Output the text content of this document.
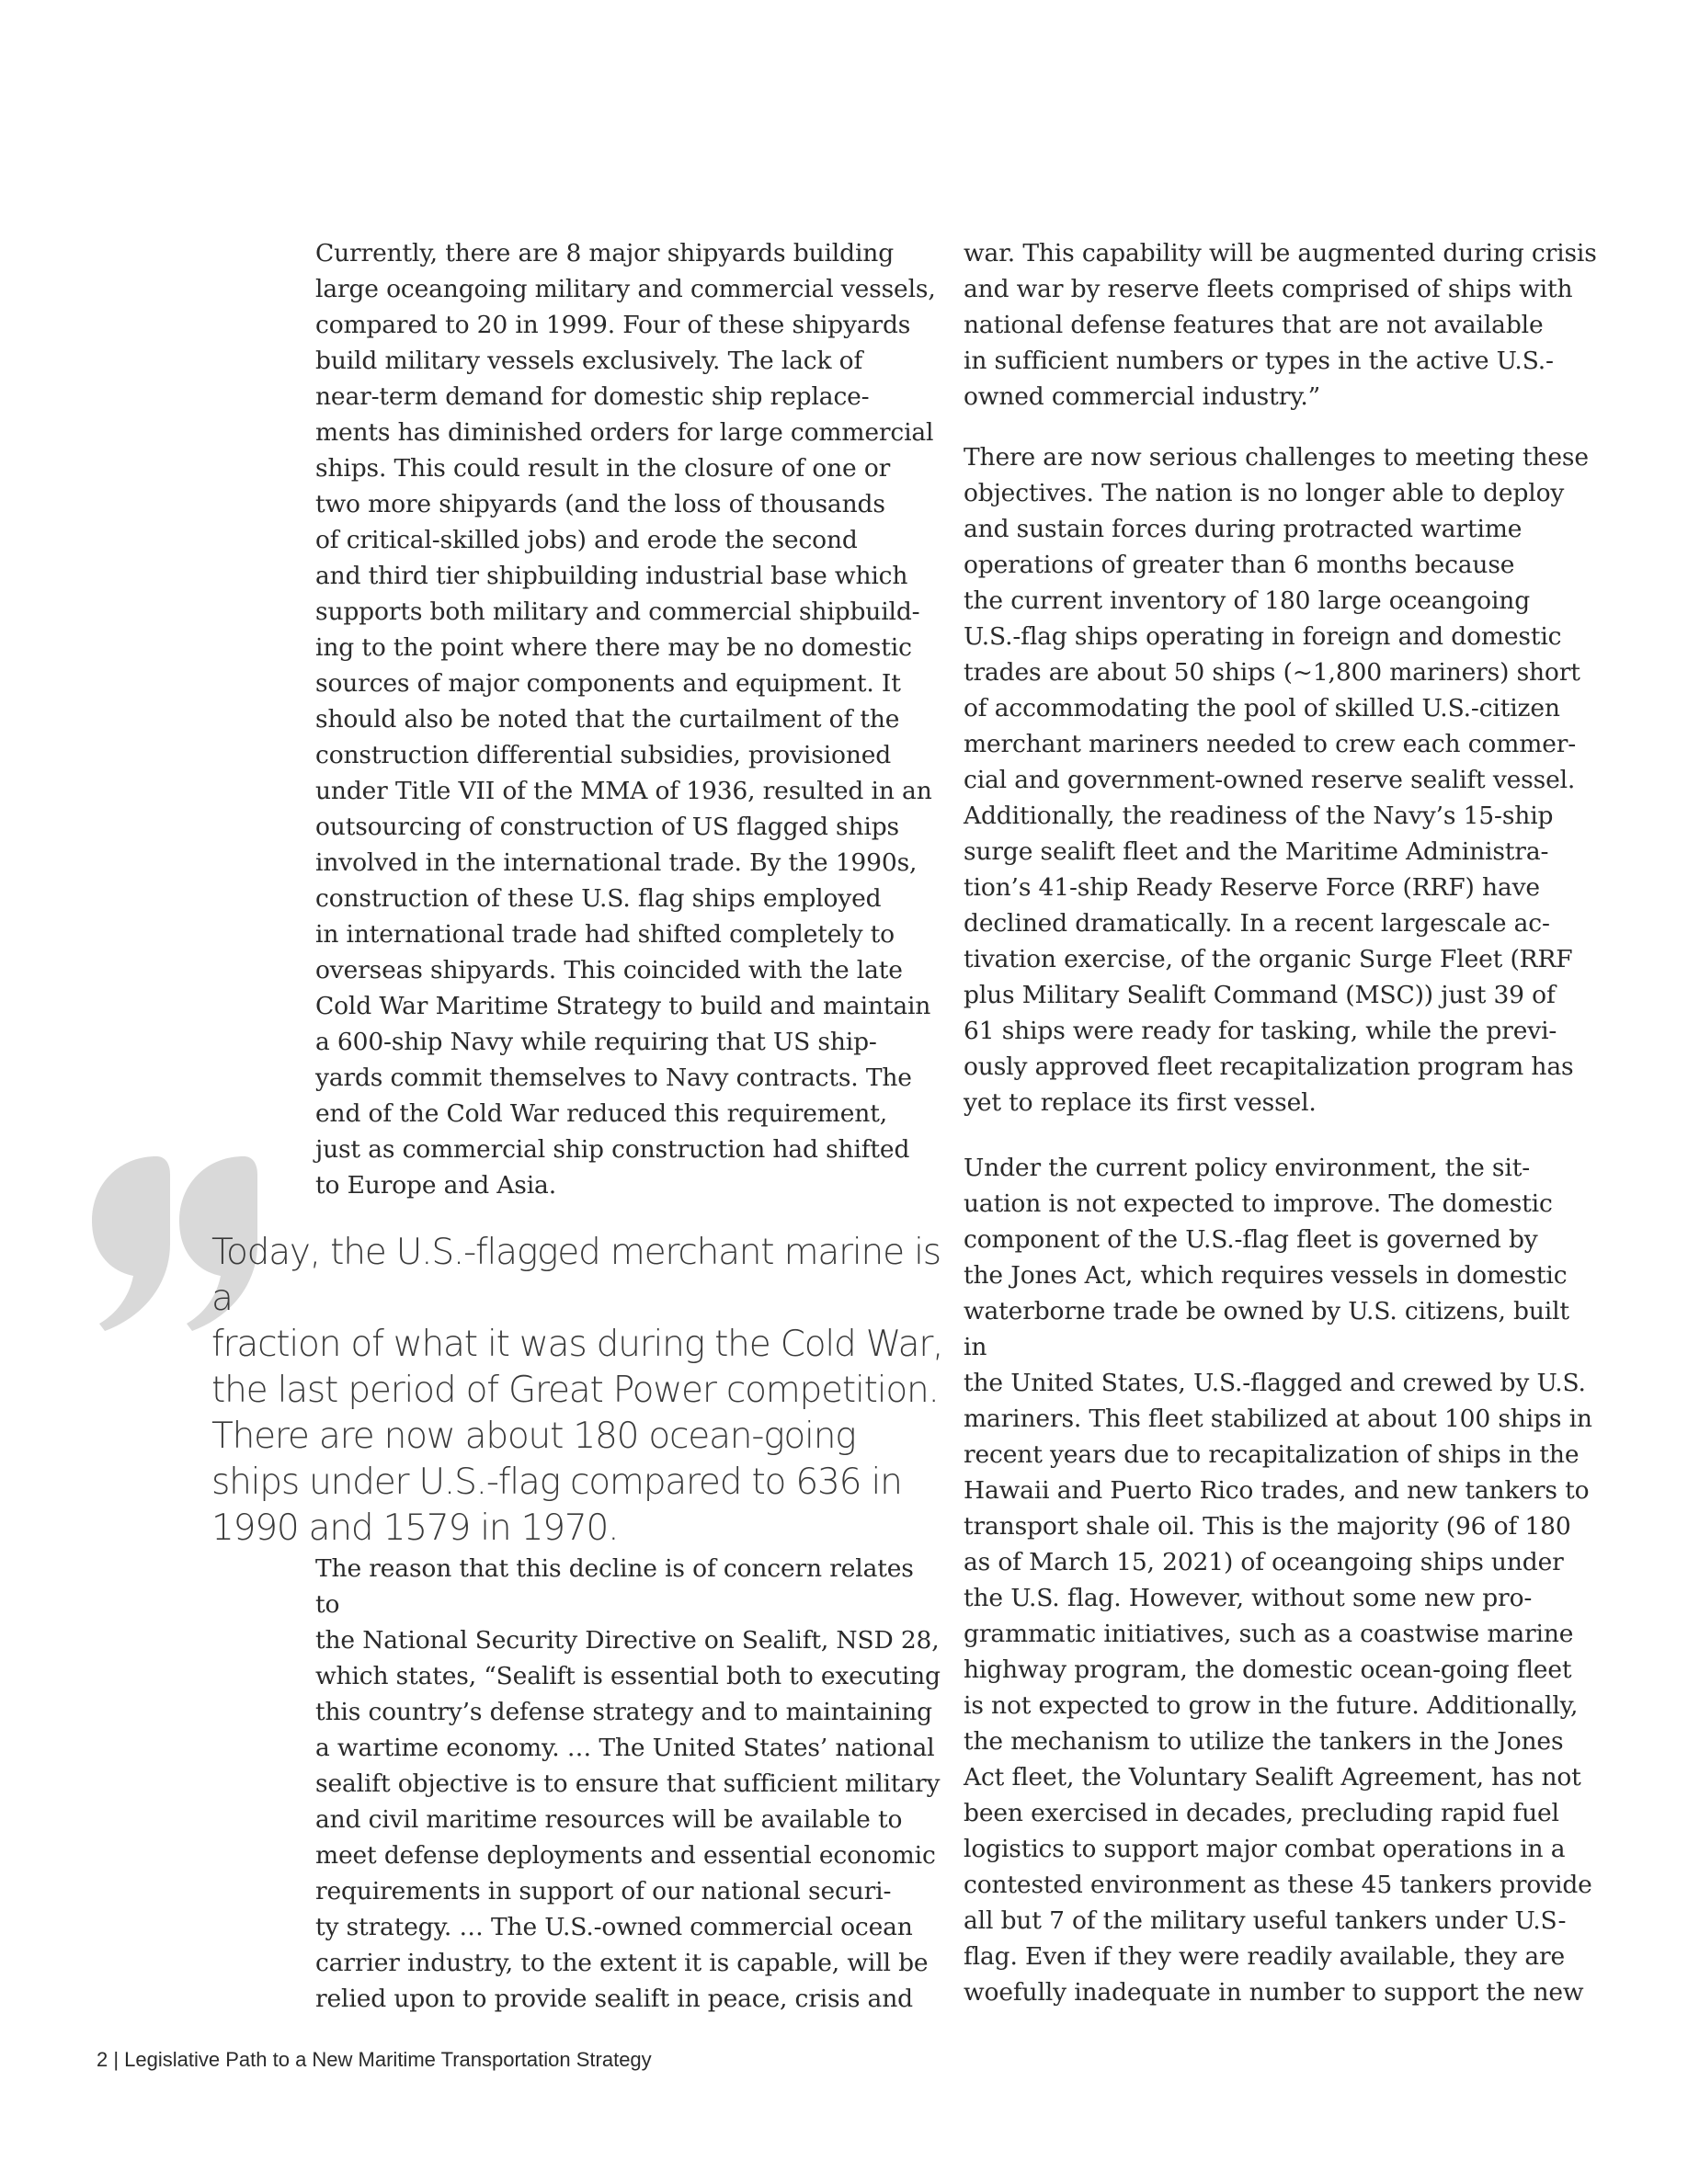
Currently, there are 8 major shipyards building
large oceangoing military and commercial vessels,
compared to 20 in 1999. Four of these shipyards
build military vessels exclusively. The lack of
near-term demand for domestic ship replace-
ments has diminished orders for large commercial
ships. This could result in the closure of one or
two more shipyards (and the loss of thousands
of critical-skilled jobs) and erode the second
and third tier shipbuilding industrial base which
supports both military and commercial shipbuild-
ing to the point where there may be no domestic
sources of major components and equipment. It
should also be noted that the curtailment of the
construction differential subsidies, provisioned
under Title VII of the MMA of 1936, resulted in an
outsourcing of construction of US flagged ships
involved in the international trade. By the 1990s,
construction of these U.S. flag ships employed
in international trade had shifted completely to
overseas shipyards. This coincided with the late
Cold War Maritime Strategy to build and maintain
a 600-ship Navy while requiring that US ship-
yards commit themselves to Navy contracts. The
end of the Cold War reduced this requirement,
just as commercial ship construction had shifted
to Europe and Asia.

Today, the U.S.-flagged merchant marine is a
fraction of what it was during the Cold War,
the last period of Great Power competition.
There are now about 180 ocean-going
ships under U.S.-flag compared to 636 in
1990 and 1579 in 1970.

The reason that this decline is of concern relates to
the National Security Directive on Sealift, NSD 28,
which states, “Sealift is essential both to executing
this country’s defense strategy and to maintaining
a wartime economy. … The United States’ national
sealift objective is to ensure that sufficient military
and civil maritime resources will be available to
meet defense deployments and essential economic
requirements in support of our national securi-
ty strategy. … The U.S.-owned commercial ocean
carrier industry, to the extent it is capable, will be
relied upon to provide sealift in peace, crisis and

war. This capability will be augmented during crisis
and war by reserve fleets comprised of ships with
national defense features that are not available
in sufficient numbers or types in the active U.S.-
owned commercial industry.”

There are now serious challenges to meeting these
objectives. The nation is no longer able to deploy
and sustain forces during protracted wartime
operations of greater than 6 months because
the current inventory of 180 large oceangoing
U.S.-flag ships operating in foreign and domestic
trades are about 50 ships (~1,800 mariners) short
of accommodating the pool of skilled U.S.-citizen
merchant mariners needed to crew each commer-
cial and government-owned reserve sealift vessel.
Additionally, the readiness of the Navy’s 15-ship
surge sealift fleet and the Maritime Administra-
tion’s 41-ship Ready Reserve Force (RRF) have
declined dramatically. In a recent largescale ac-
tivation exercise, of the organic Surge Fleet (RRF
plus Military Sealift Command (MSC)) just 39 of
61 ships were ready for tasking, while the previ-
ously approved fleet recapitalization program has
yet to replace its first vessel.

Under the current policy environment, the sit-
uation is not expected to improve. The domestic
component of the U.S.-flag fleet is governed by
the Jones Act, which requires vessels in domestic
waterborne trade be owned by U.S. citizens, built in
the United States, U.S.-flagged and crewed by U.S.
mariners. This fleet stabilized at about 100 ships in
recent years due to recapitalization of ships in the
Hawaii and Puerto Rico trades, and new tankers to
transport shale oil. This is the majority (96 of 180
as of March 15, 2021) of oceangoing ships under
the U.S. flag. However, without some new pro-
grammatic initiatives, such as a coastwise marine
highway program, the domestic ocean-going fleet
is not expected to grow in the future. Additionally,
the mechanism to utilize the tankers in the Jones
Act fleet, the Voluntary Sealift Agreement, has not
been exercised in decades, precluding rapid fuel
logistics to support major combat operations in a
contested environment as these 45 tankers provide
all but 7 of the military useful tankers under U.S-
flag. Even if they were readily available, they are
woefully inadequate in number to support the new

2 | Legislative Path to a New Maritime Transportation Strategy
